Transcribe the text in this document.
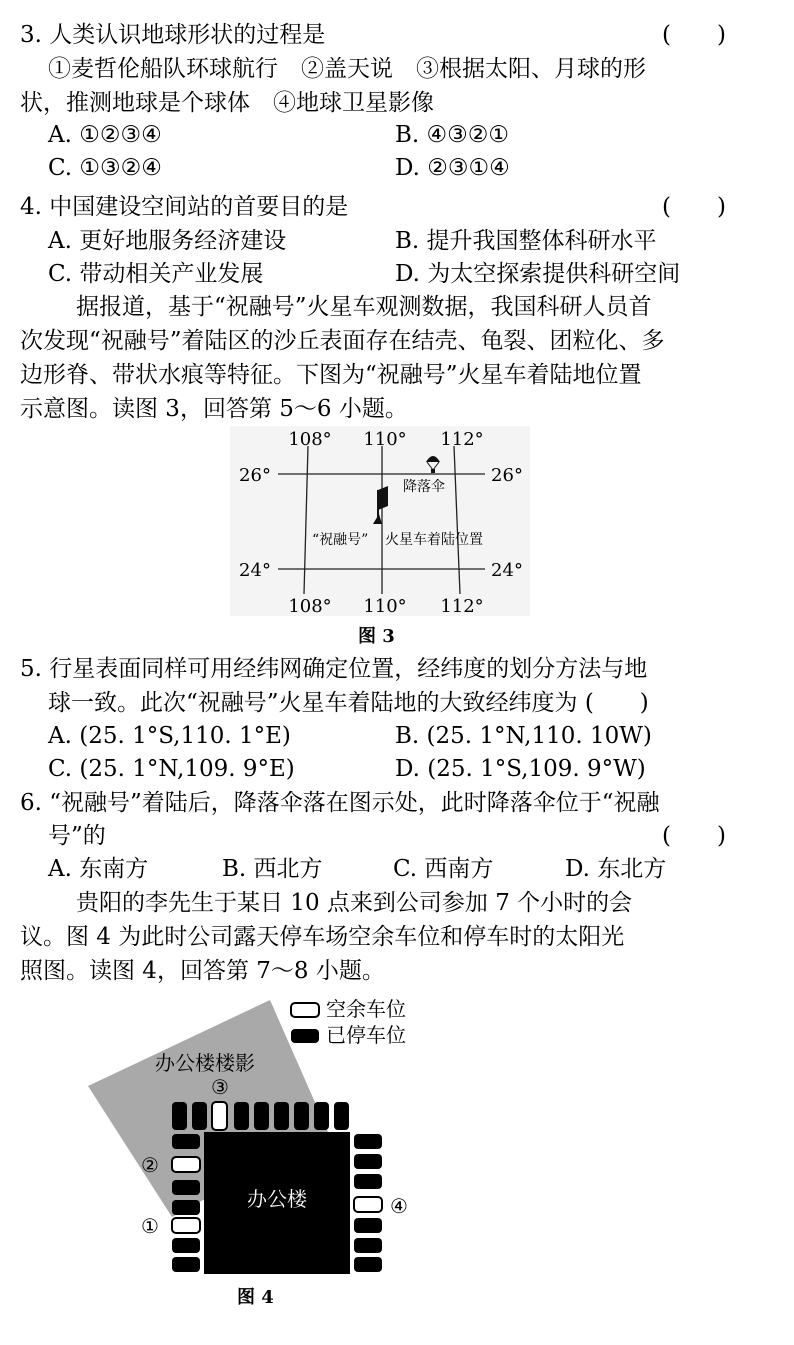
3. 人类认识地球形状的过程是	(　　)
①麦哲伦船队环球航行　②盖天说　③根据太阳、月球的形
状，推测地球是个球体　④地球卫星影像
A. ①②③④	B. ④③②①
C. ①③②④	D. ②③①④
4. 中国建设空间站的首要目的是	(　　)
A. 更好地服务经济建设	B. 提升我国整体科研水平
C. 带动相关产业发展	D. 为太空探索提供科研空间
据报道，基于“祝融号”火星车观测数据，我国科研人员首
次发现“祝融号”着陆区的沙丘表面存在结壳、龟裂、团粒化、多
边形脊、带状水痕等特征。下图为“祝融号”火星车着陆地位置
示意图。读图 3，回答第 5～6 小题。
108° 110° 112°
108° 110° 112°
26°	26°
24°	24°
降落伞
“祝融号” 火星车着陆位置
图 3
5. 行星表面同样可用经纬网确定位置，经纬度的划分方法与地
球一致。此次“祝融号”火星车着陆地的大致经纬度为 (　　)
A. (25. 1°S,110. 1°E)	B. (25. 1°N,110. 10W)
C. (25. 1°N,109. 9°E)	D. (25. 1°S,109. 9°W)
6. “祝融号”着陆后，降落伞落在图示处，此时降落伞位于“祝融
号”的	(　　)
A. 东南方	B. 西北方	C. 西南方	D. 东北方
贵阳的李先生于某日 10 点来到公司参加 7 个小时的会
议。图 4 为此时公司露天停车场空余车位和停车时的太阳光
照图。读图 4，回答第 7～8 小题。
办公楼楼影
空余车位
已停车位
办公楼
③
②
①
④
图 4
